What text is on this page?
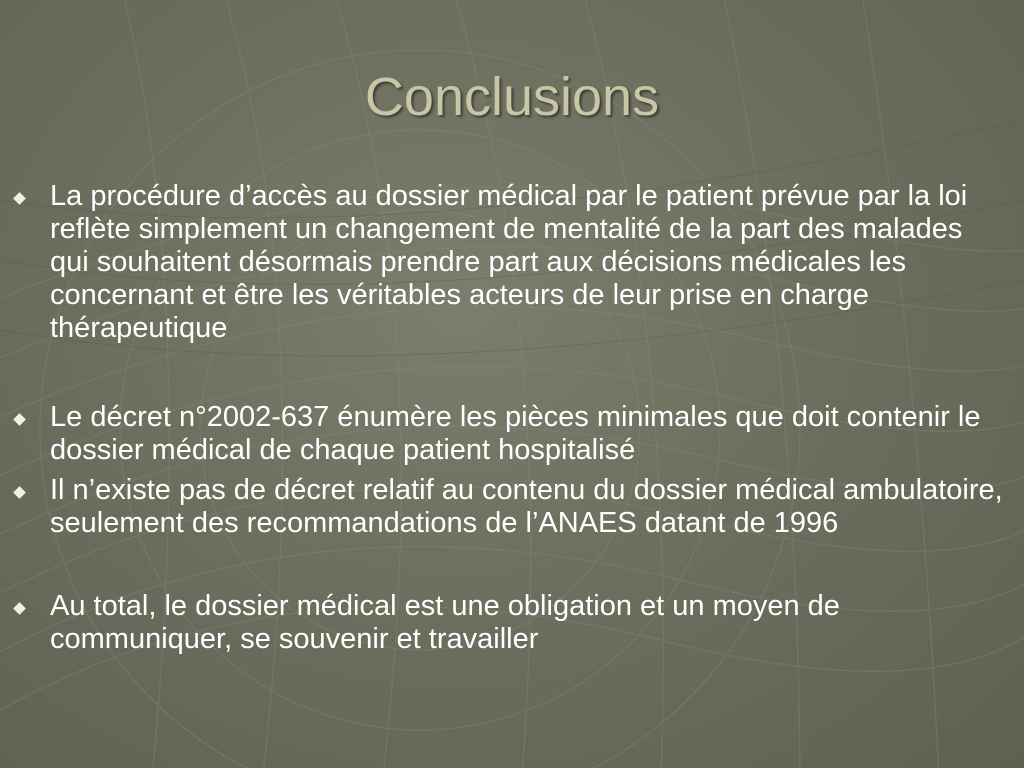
Conclusions
La procédure d’accès au dossier médical par le patient prévue par la loi reflète simplement un changement de mentalité de la part des malades qui souhaitent désormais prendre part aux décisions médicales les concernant et être les véritables acteurs de leur prise en charge thérapeutique
Le décret n°2002-637 énumère les pièces minimales que doit contenir le dossier médical de chaque patient hospitalisé
Il n’existe pas de décret relatif au contenu du dossier médical ambulatoire, seulement des recommandations de l’ANAES datant de 1996
Au total, le dossier médical est une obligation et un moyen de communiquer, se souvenir et travailler
